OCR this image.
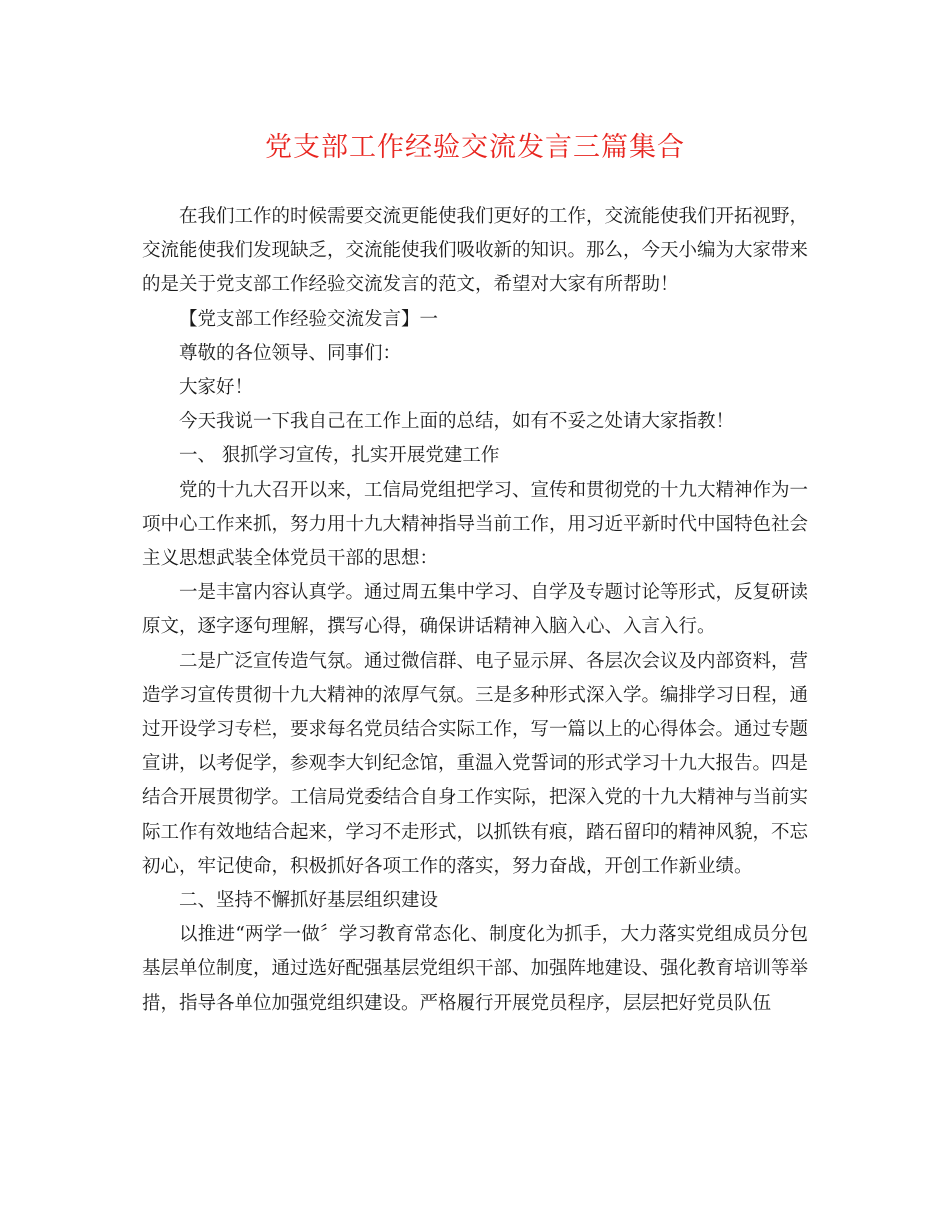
党支部工作经验交流发言三篇集合

在我们工作的时候需要交流更能使我们更好的工作，交流能使我们开拓视野，交流能使我们发现缺乏，交流能使我们吸收新的知识。那么，今天小编为大家带来的是关于党支部工作经验交流发言的范文，希望对大家有所帮助！

【党支部工作经验交流发言】一

尊敬的各位领导、同事们：

大家好！

今天我说一下我自己在工作上面的总结，如有不妥之处请大家指教！

一、 狠抓学习宣传，扎实开展党建工作

党的十九大召开以来，工信局党组把学习、宣传和贯彻党的十九大精神作为一项中心工作来抓，努力用十九大精神指导当前工作，用习近平新时代中国特色社会主义思想武装全体党员干部的思想：

一是丰富内容认真学。通过周五集中学习、自学及专题讨论等形式，反复研读原文，逐字逐句理解，撰写心得，确保讲话精神入脑入心、入言入行。

二是广泛宣传造气氛。通过微信群、电子显示屏、各层次会议及内部资料，营造学习宣传贯彻十九大精神的浓厚气氛。三是多种形式深入学。编排学习日程，通过开设学习专栏，要求每名党员结合实际工作，写一篇以上的心得体会。通过专题宣讲，以考促学，参观李大钊纪念馆，重温入党誓词的形式学习十九大报告。四是结合开展贯彻学。工信局党委结合自身工作实际，把深入党的十九大精神与当前实际工作有效地结合起来，学习不走形式，以抓铁有痕，踏石留印的精神风貌，不忘初心，牢记使命，积极抓好各项工作的落实，努力奋战，开创工作新业绩。

二、坚持不懈抓好基层组织建设

以推进“两学一做〞学习教育常态化、制度化为抓手，大力落实党组成员分包基层单位制度，通过选好配强基层党组织干部、加强阵地建设、强化教育培训等举措，指导各单位加强党组织建设。严格履行开展党员程序，层层把好党员队伍
